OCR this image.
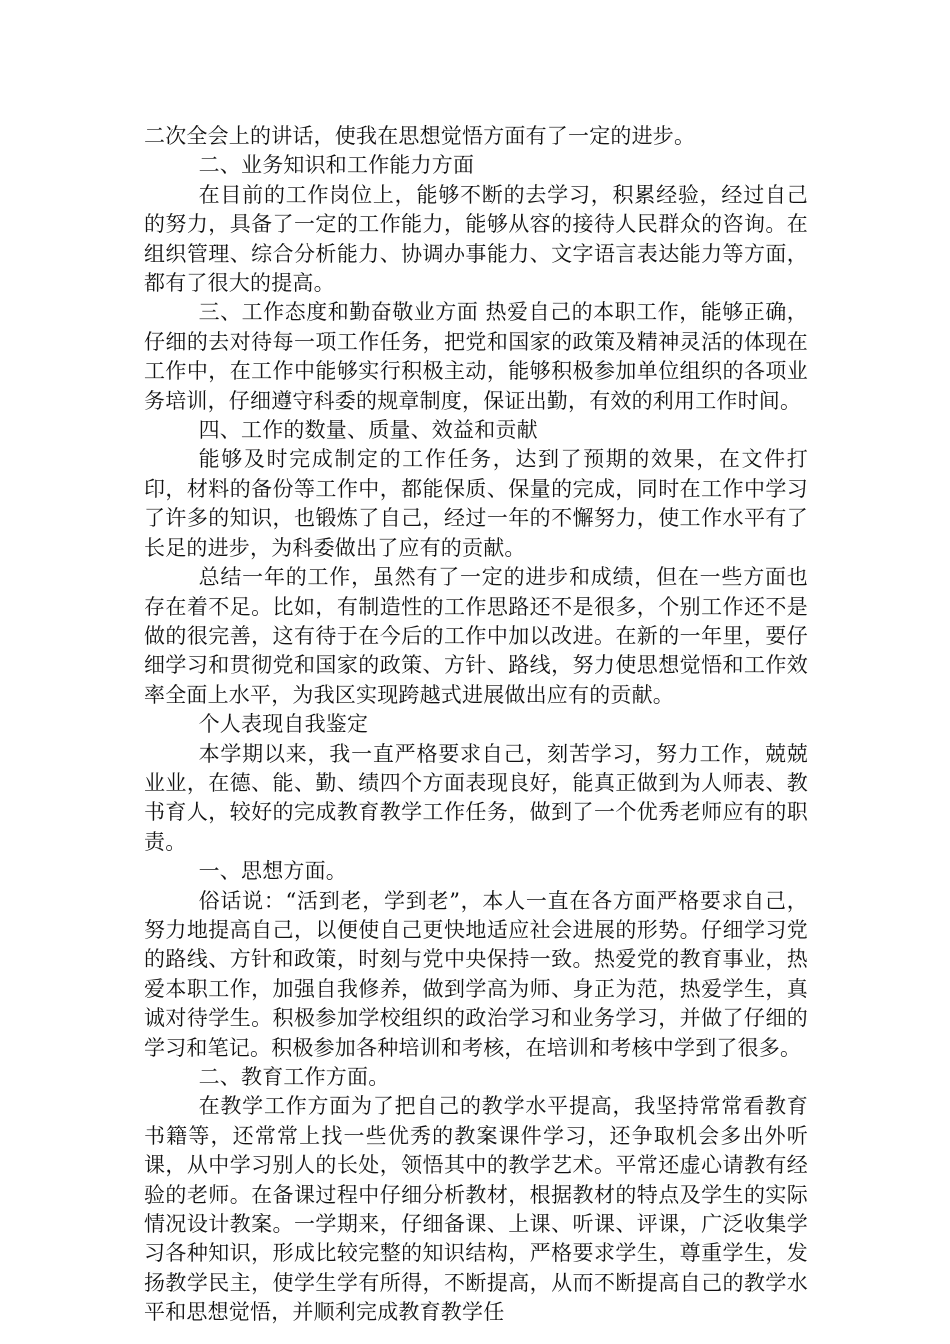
二次全会上的讲话，使我在思想觉悟方面有了一定的进步。

二、业务知识和工作能力方面

在目前的工作岗位上，能够不断的去学习，积累经验，经过自己的努力，具备了一定的工作能力，能够从容的接待人民群众的咨询。在组织管理、综合分析能力、协调办事能力、文字语言表达能力等方面，都有了很大的提高。

三、工作态度和勤奋敬业方面 热爱自己的本职工作，能够正确，仔细的去对待每一项工作任务，把党和国家的政策及精神灵活的体现在工作中，在工作中能够实行积极主动，能够积极参加单位组织的各项业务培训，仔细遵守科委的规章制度，保证出勤，有效的利用工作时间。

四、工作的数量、质量、效益和贡献

能够及时完成制定的工作任务，达到了预期的效果，在文件打印，材料的备份等工作中，都能保质、保量的完成，同时在工作中学习了许多的知识，也锻炼了自己，经过一年的不懈努力，使工作水平有了长足的进步，为科委做出了应有的贡献。

总结一年的工作，虽然有了一定的进步和成绩，但在一些方面也存在着不足。比如，有制造性的工作思路还不是很多，个别工作还不是做的很完善，这有待于在今后的工作中加以改进。在新的一年里，要仔细学习和贯彻党和国家的政策、方针、路线，努力使思想觉悟和工作效率全面上水平，为我区实现跨越式进展做出应有的贡献。

个人表现自我鉴定

本学期以来，我一直严格要求自己，刻苦学习，努力工作，兢兢业业，在德、能、勤、绩四个方面表现良好，能真正做到为人师表、教书育人，较好的完成教育教学工作任务，做到了一个优秀老师应有的职责。

一、思想方面。

俗话说：“活到老，学到老”，本人一直在各方面严格要求自己，努力地提高自己，以便使自己更快地适应社会进展的形势。仔细学习党的路线、方针和政策，时刻与党中央保持一致。热爱党的教育事业，热爱本职工作，加强自我修养，做到学高为师、身正为范，热爱学生，真诚对待学生。积极参加学校组织的政治学习和业务学习，并做了仔细的学习和笔记。积极参加各种培训和考核，在培训和考核中学到了很多。

二、教育工作方面。

在教学工作方面为了把自己的教学水平提高，我坚持常常看教育书籍等，还常常上找一些优秀的教案课件学习，还争取机会多出外听课，从中学习别人的长处，领悟其中的教学艺术。平常还虚心请教有经验的老师。在备课过程中仔细分析教材，根据教材的特点及学生的实际情况设计教案。一学期来，仔细备课、上课、听课、评课，广泛收集学习各种知识，形成比较完整的知识结构，严格要求学生，尊重学生，发扬教学民主，使学生学有所得，不断提高，从而不断提高自己的教学水平和思想觉悟，并顺利完成教育教学任
